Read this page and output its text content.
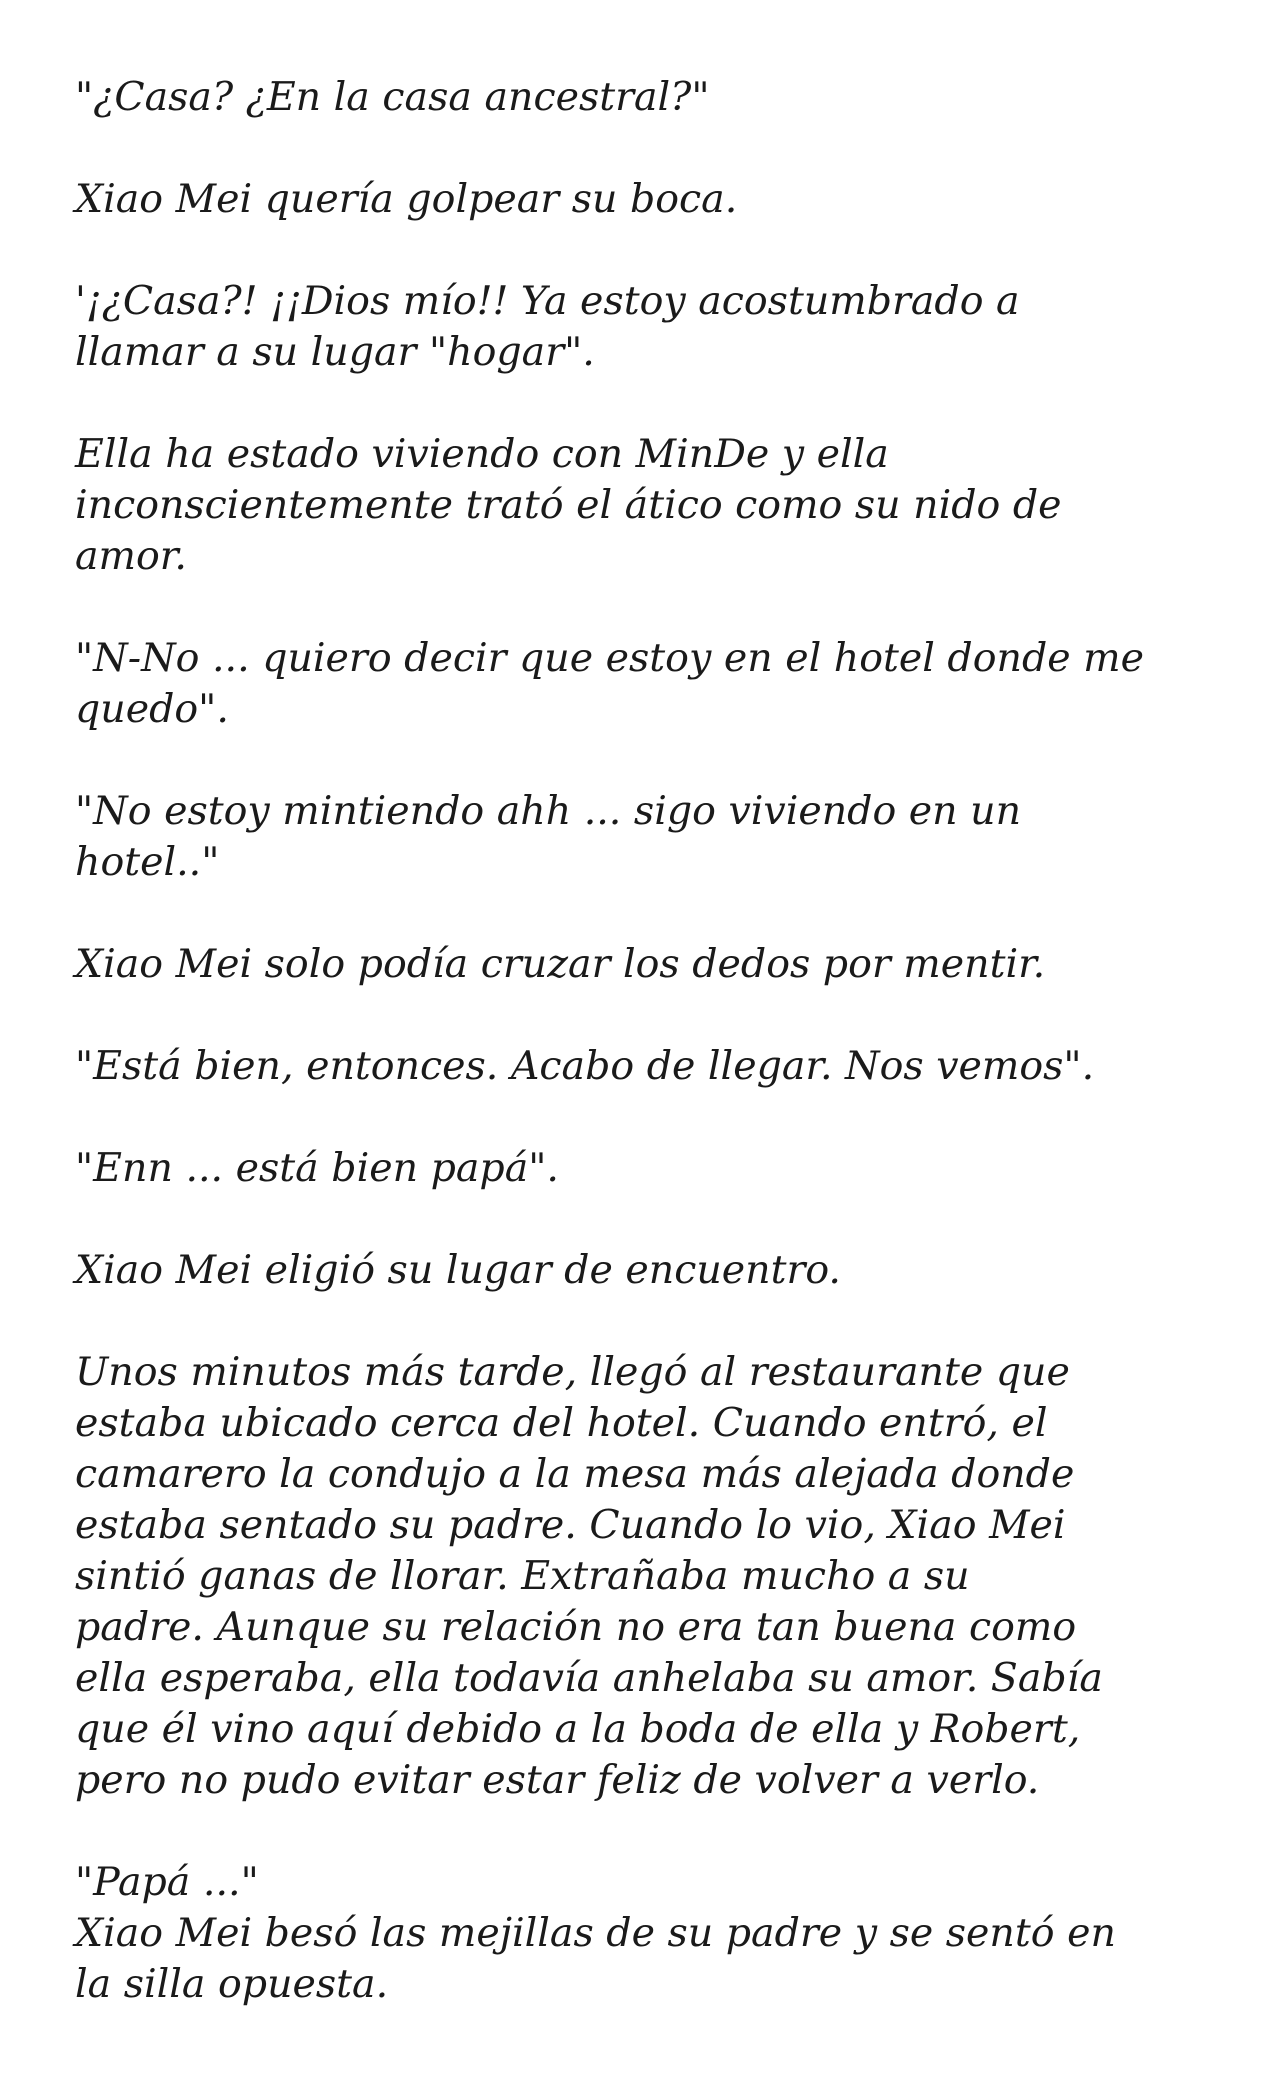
"¿Casa? ¿En la casa ancestral?"

Xiao Mei quería golpear su boca.

'¡¿Casa?! ¡¡Dios mío!! Ya estoy acostumbrado a
llamar a su lugar "hogar".

Ella ha estado viviendo con MinDe y ella
inconscientemente trató el ático como su nido de
amor.

"N-No ... quiero decir que estoy en el hotel donde me
quedo".

"No estoy mintiendo ahh ... sigo viviendo en un
hotel.."

Xiao Mei solo podía cruzar los dedos por mentir.

"Está bien, entonces. Acabo de llegar. Nos vemos".

"Enn ... está bien papá".

Xiao Mei eligió su lugar de encuentro.

Unos minutos más tarde, llegó al restaurante que
estaba ubicado cerca del hotel. Cuando entró, el
camarero la condujo a la mesa más alejada donde
estaba sentado su padre. Cuando lo vio, Xiao Mei
sintió ganas de llorar. Extrañaba mucho a su
padre. Aunque su relación no era tan buena como
ella esperaba, ella todavía anhelaba su amor. Sabía
que él vino aquí debido a la boda de ella y Robert,
pero no pudo evitar estar feliz de volver a verlo.

"Papá ..."

Xiao Mei besó las mejillas de su padre y se sentó en
la silla opuesta.
